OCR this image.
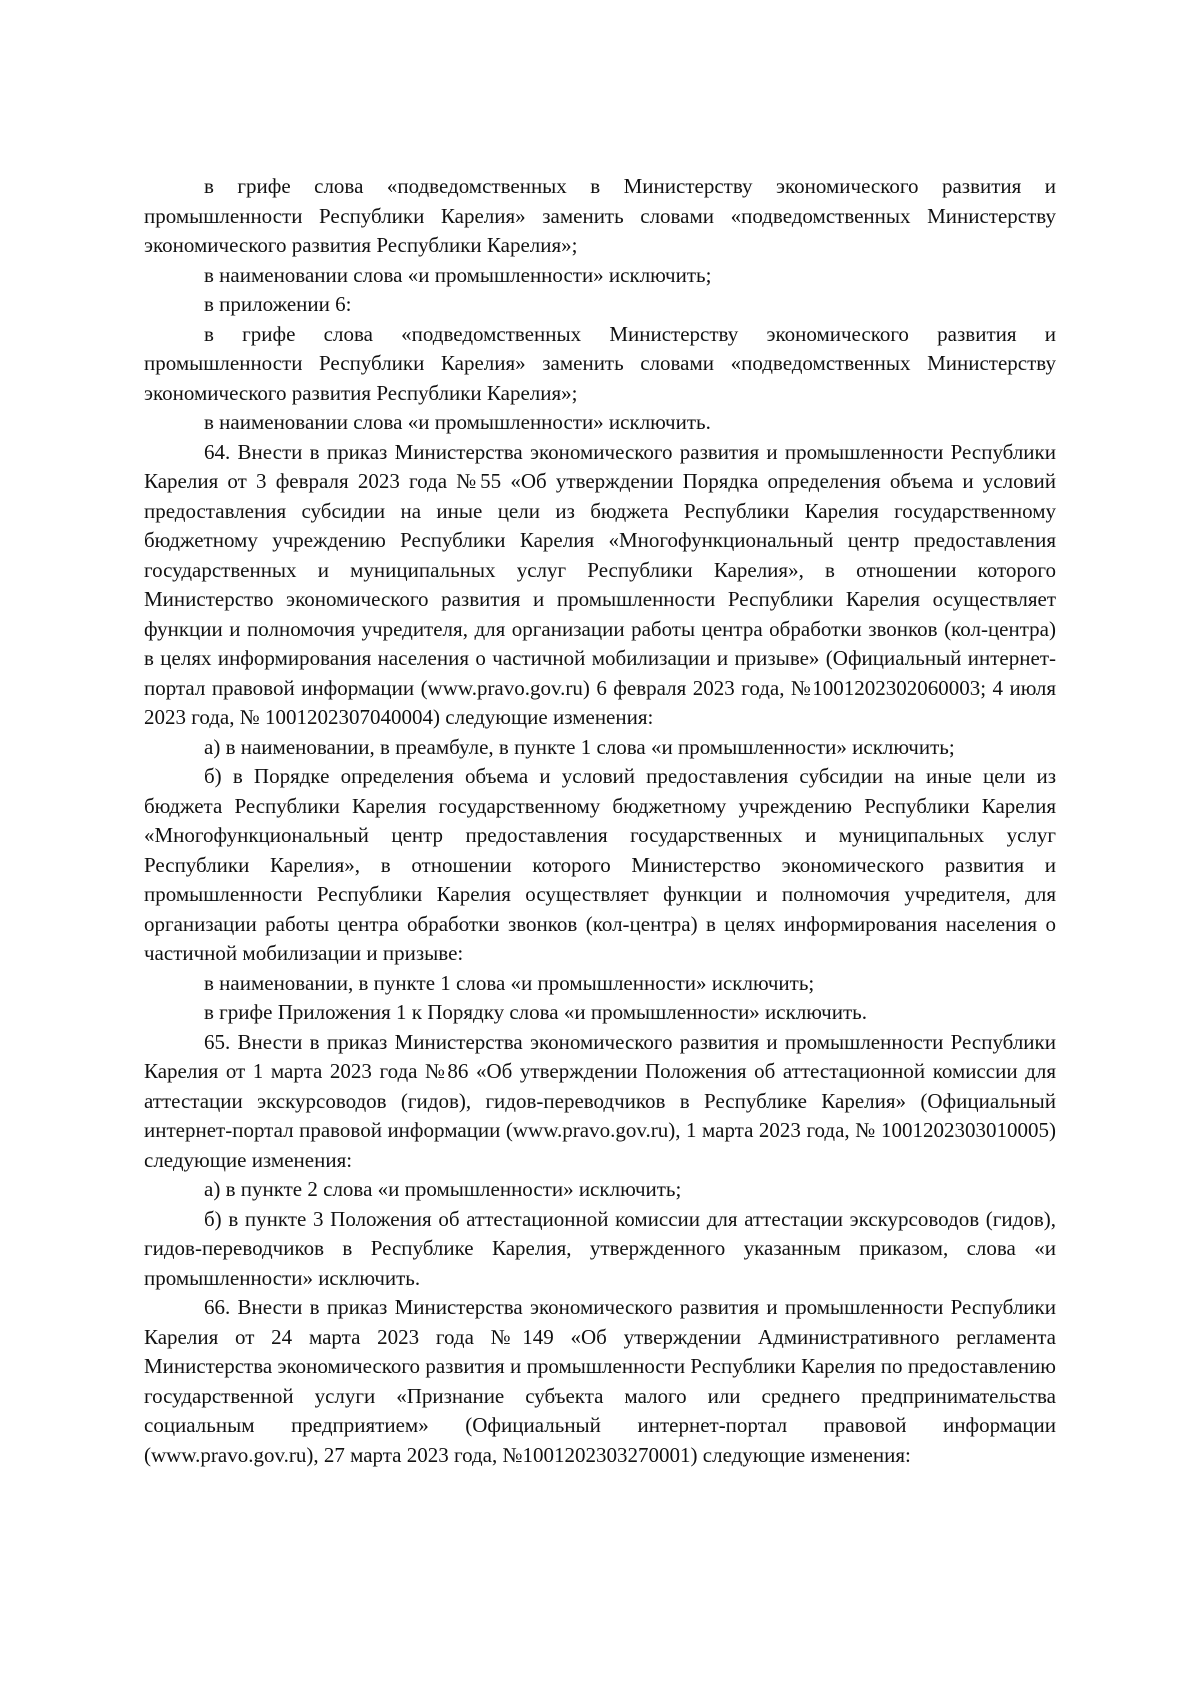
в грифе слова «подведомственных в Министерству экономического развития и промышленности Республики Карелия» заменить словами «подведомственных Министерству экономического развития Республики Карелия»;

в наименовании слова «и промышленности» исключить;

в приложении 6:

в грифе слова «подведомственных Министерству экономического развития и промышленности Республики Карелия» заменить словами «подведомственных Министерству экономического развития Республики Карелия»;

в наименовании слова «и промышленности» исключить.

64. Внести в приказ Министерства экономического развития и промышленности Республики Карелия от 3 февраля 2023 года №55 «Об утверждении Порядка определения объема и условий предоставления субсидии на иные цели из бюджета Республики Карелия государственному бюджетному учреждению Республики Карелия «Многофункциональный центр предоставления государственных и муниципальных услуг Республики Карелия», в отношении которого Министерство экономического развития и промышленности Республики Карелия осуществляет функции и полномочия учредителя, для организации работы центра обработки звонков (кол-центра) в целях информирования населения о частичной мобилизации и призыве» (Официальный интернет-портал правовой информации (www.pravo.gov.ru) 6 февраля 2023 года, №1001202302060003; 4 июля 2023 года, № 1001202307040004) следующие изменения:

а) в наименовании, в преамбуле, в пункте 1 слова «и промышленности» исключить;

б) в Порядке определения объема и условий предоставления субсидии на иные цели из бюджета Республики Карелия государственному бюджетному учреждению Республики Карелия «Многофункциональный центр предоставления государственных и муниципальных услуг Республики Карелия», в отношении которого Министерство экономического развития и промышленности Республики Карелия осуществляет функции и полномочия учредителя, для организации работы центра обработки звонков (кол-центра) в целях информирования населения о частичной мобилизации и призыве:

в наименовании, в пункте 1 слова «и промышленности» исключить;

в грифе Приложения 1 к Порядку слова «и промышленности» исключить.

65. Внести в приказ Министерства экономического развития и промышленности Республики Карелия от 1 марта 2023 года №86 «Об утверждении Положения об аттестационной комиссии для аттестации экскурсоводов (гидов), гидов-переводчиков в Республике Карелия» (Официальный интернет-портал правовой информации (www.pravo.gov.ru), 1 марта 2023 года, № 1001202303010005) следующие изменения:

а) в пункте 2 слова «и промышленности» исключить;

б) в пункте 3 Положения об аттестационной комиссии для аттестации экскурсоводов (гидов), гидов-переводчиков в Республике Карелия, утвержденного указанным приказом, слова «и промышленности» исключить.

66. Внести в приказ Министерства экономического развития и промышленности Республики Карелия от 24 марта 2023 года №149 «Об утверждении Административного регламента Министерства экономического развития и промышленности Республики Карелия по предоставлению государственной услуги «Признание субъекта малого или среднего предпринимательства социальным предприятием» (Официальный интернет-портал правовой информации (www.pravo.gov.ru), 27 марта 2023 года, №1001202303270001) следующие изменения:
